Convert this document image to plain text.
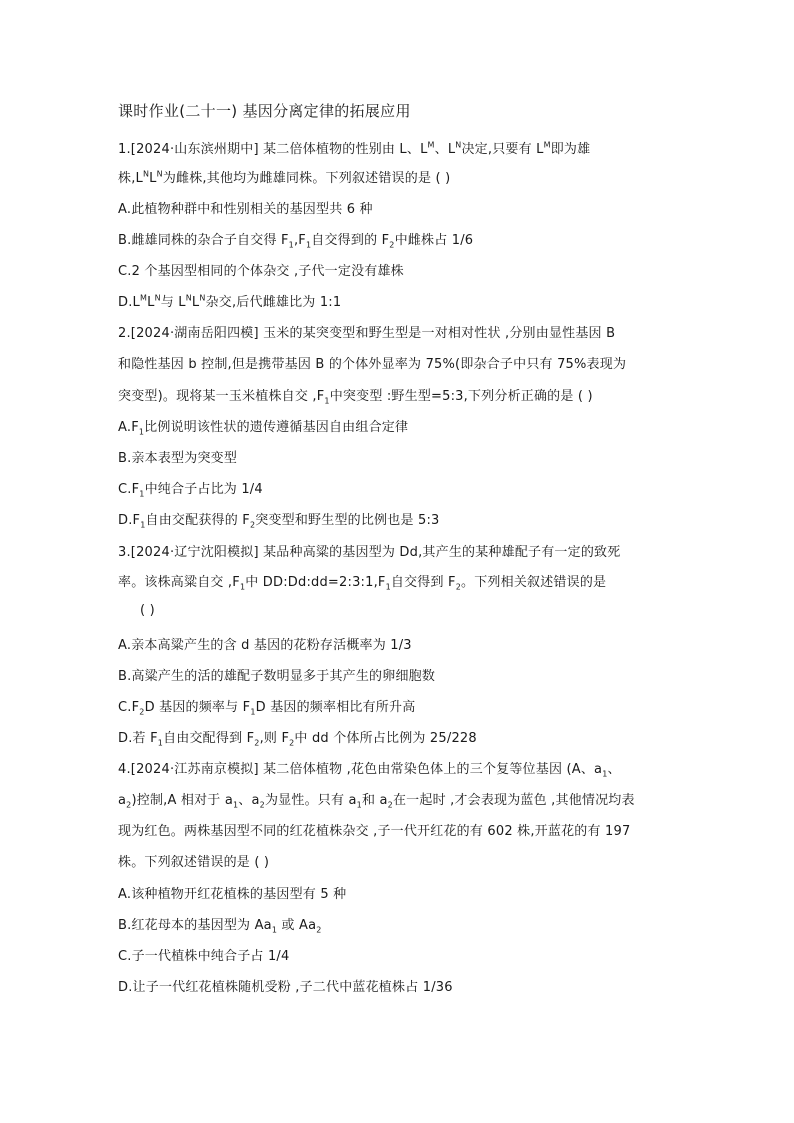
课时作业(二十一) 基因分离定律的拓展应用
1.[2024·山东滨州期中] 某二倍体植物的性别由 L、$L^M$、$L^N$决定,只要有 $L^M$即为雄
株$,L^NL^N$为雌株,其他均为雌雄同株。下列叙述错误的是 ( )
A.此植物种群中和性别相关的基因型共 6 种
B.雌雄同株的杂合子自交得 $F_1,F_1$自交得到的 $F_2$中雌株占 1/6
C.2 个基因型相同的个体杂交 ,子代一定没有雄株
$D.L^ML^N$与 $L^NL^N$杂交,后代雌雄比为 1:1
2.[2024·湖南岳阳四模] 玉米的某突变型和野生型是一对相对性状 ,分别由显性基因 B
和隐性基因 b 控制,但是携带基因 B 的个体外显率为 75%(即杂合子中只有 75%表现为
突变型)。现将某一玉米植株自交 $,F_1$中突变型 :野生型=5:3,下列分析正确的是 ( )
$A.F_1$比例说明该性状的遗传遵循基因自由组合定律
B.亲本表型为突变型
$C.F_1$中纯合子占比为 1/4
$D.F_1$自由交配获得的 $F_2$突变型和野生型的比例也是 5:3
3.[2024·辽宁沈阳模拟] 某品种高粱的基因型为 Dd,其产生的某种雄配子有一定的致死
率。该株高粱自交 $,F_1$中 $DD:Dd:dd=2:3:1,F_1$自交得到 $F_2$。下列相关叙述错误的是
( )
A.亲本高粱产生的含 d 基因的花粉存活概率为 1/3
B.高粱产生的活的雄配子数明显多于其产生的卵细胞数
$C.F_2D$ 基因的频率与 $F_1D$ 基因的频率相比有所升高
D.若 $F_1$自由交配得到 $F_2$,则 $F_2$中 dd 个体所占比例为 25/228
4.[2024·江苏南京模拟] 某二倍体植物 ,花色由常染色体上的三个复等位基因 (A、$a_1$、
$a_2$)控制,A 相对于 $a_1$、$a_2$为显性。只有 $a_1$和 $a_2$在一起时 ,才会表现为蓝色 ,其他情况均表
现为红色。两株基因型不同的红花植株杂交 ,子一代开红花的有 602 株,开蓝花的有 197
株。下列叙述错误的是 ( )
A.该种植物开红花植株的基因型有 5 种
B.红花母本的基因型为 $Aa_1$ 或 $Aa_2$
C.子一代植株中纯合子占 1/4
D.让子一代红花植株随机受粉 ,子二代中蓝花植株占 1/36
